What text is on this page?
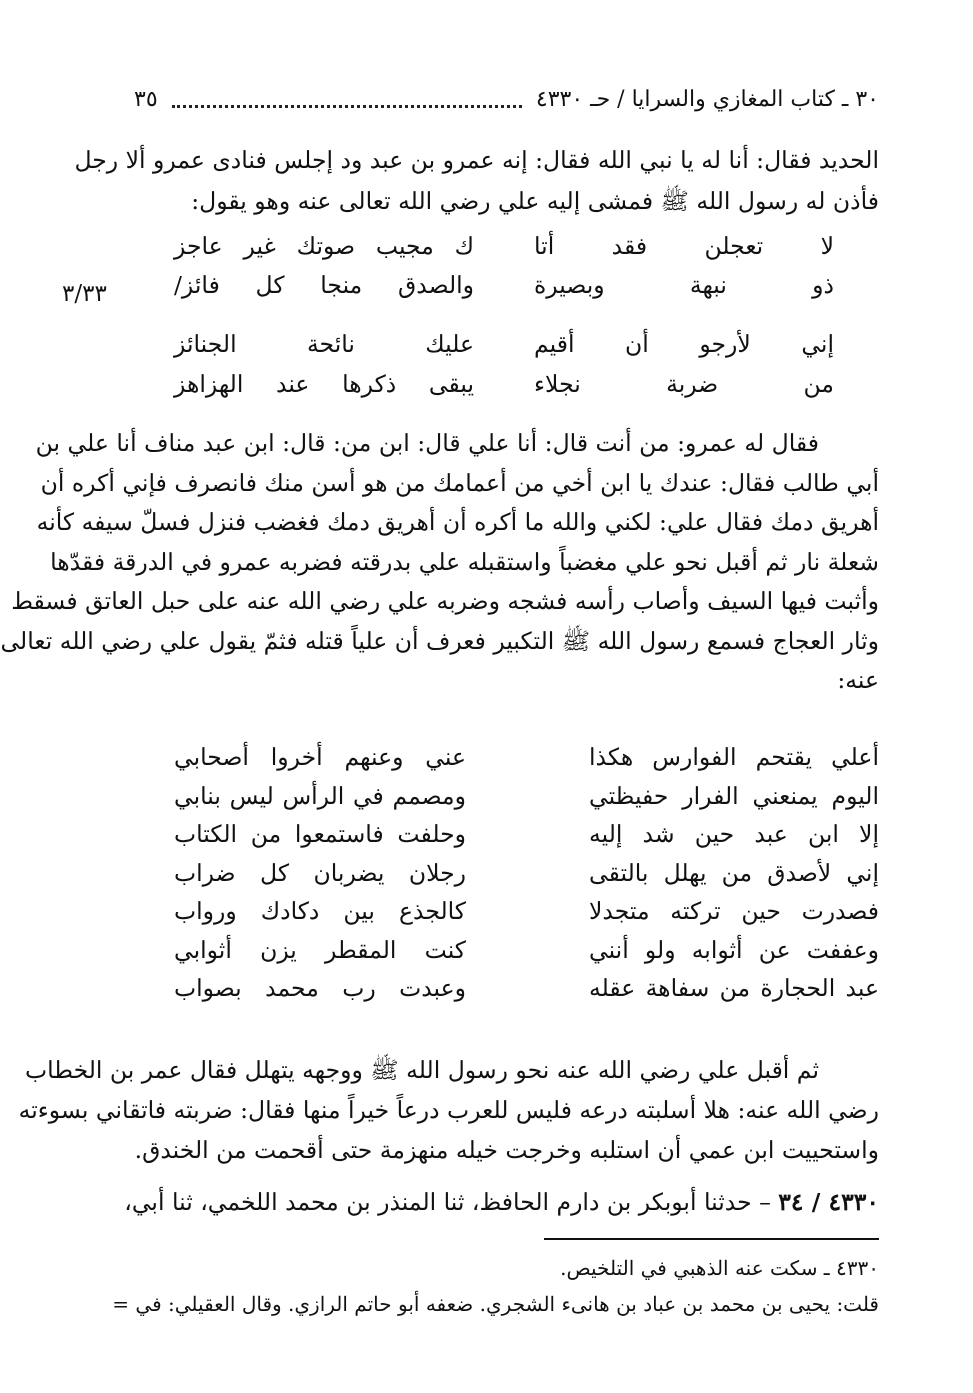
٣٠ ـ كتاب المغازي والسرايا / حـ ٤٣٣٠
٣٥
٣/٣٣
الحديد فقال: أنا له يا نبي الله فقال: إنه عمرو بن عبد ود إجلس فنادى عمرو ألا رجل
فأذن له رسول الله ﷺ فمشى إليه علي رضي الله تعالى عنه وهو يقول:
لا تعجلن فقد أتا
ك مجيب صوتك غير عاجز
ذو نبهة وبصيرة
والصدق منجا كل فائز/
إني لأرجو أن أقيم
عليك نائحة الجنائز
من ضربة نجلاء
يبقى ذكرها عند الهزاهز
فقال له عمرو: من أنت قال: أنا علي قال: ابن من: قال: ابن عبد مناف أنا علي بن
أبي طالب فقال: عندك يا ابن أخي من أعمامك من هو أسن منك فانصرف فإني أكره أن
أهريق دمك فقال علي: لكني والله ما أكره أن أهريق دمك فغضب فنزل فسلّ سيفه كأنه
شعلة نار ثم أقبل نحو علي مغضباً واستقبله علي بدرقته فضربه عمرو في الدرقة فقدّها
وأثبت فيها السيف وأصاب رأسه فشجه وضربه علي رضي الله عنه على حبل العاتق فسقط
وثار العجاج فسمع رسول الله ﷺ التكبير فعرف أن علياً قتله فثمّ يقول علي رضي الله تعالى
عنه:
أعلي يقتحم الفوارس هكذا
عني وعنهم أخروا أصحابي
اليوم يمنعني الفرار حفيظتي
ومصمم في الرأس ليس بنابي
إلا ابن عبد حين شد إليه
وحلفت فاستمعوا من الكتاب
إني لأصدق من يهلل بالتقى
رجلان يضربان كل ضراب
فصدرت حين تركته متجدلا
كالجذع بين دكادك ورواب
وعففت عن أثوابه ولو أنني
كنت المقطر يزن أثوابي
عبد الحجارة من سفاهة عقله
وعبدت رب محمد بصواب
ثم أقبل علي رضي الله عنه نحو رسول الله ﷺ ووجهه يتهلل فقال عمر بن الخطاب
رضي الله عنه: هلا أسلبته درعه فليس للعرب درعاً خيراً منها فقال: ضربته فاتقاني بسوءته
واستحييت ابن عمي أن استلبه وخرجت خيله منهزمة حتى أقحمت من الخندق.
٤٣٣٠ / ٣٤ – حدثنا أبوبكر بن دارم الحافظ، ثنا المنذر بن محمد اللخمي، ثنا أبي،
٤٣٣٠ ـ سكت عنه الذهبي في التلخيص.
قلت: يحيى بن محمد بن عباد بن هانىء الشجري. ضعفه أبو حاتم الرازي. وقال العقيلي: في =
